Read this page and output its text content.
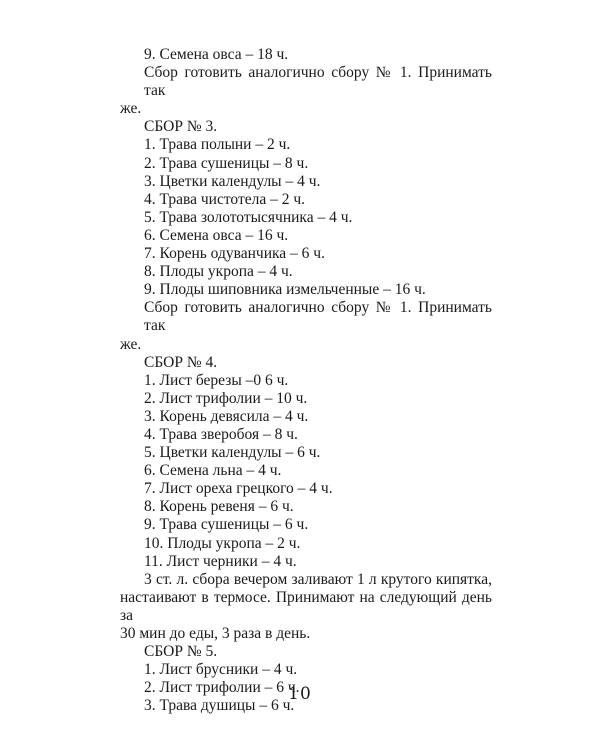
9. Семена овса – 18 ч.
Сбор готовить аналогично сбору № 1. Принимать так
же.
СБОР № 3.
1. Трава полыни – 2 ч.
2. Трава сушеницы – 8 ч.
3. Цветки календулы – 4 ч.
4. Трава чистотела – 2 ч.
5. Трава золототысячника – 4 ч.
6. Семена овса – 16 ч.
7. Корень одуванчика – 6 ч.
8. Плоды укропа – 4 ч.
9. Плоды шиповника измельченные – 16 ч.
Сбор готовить аналогично сбору № 1. Принимать так
же.
СБОР № 4.
1. Лист березы –0 6 ч.
2. Лист трифолии – 10 ч.
3. Корень девясила – 4 ч.
4. Трава зверобоя – 8 ч.
5. Цветки календулы – 6 ч.
6. Семена льна – 4 ч.
7. Лист ореха грецкого – 4 ч.
8. Корень ревеня – 6 ч.
9. Трава сушеницы – 6 ч.
10. Плоды укропа – 2 ч.
11. Лист черники – 4 ч.
3 ст. л. сбора вечером заливают 1 л крутого кипятка,
настаивают в термосе. Принимают на следующий день за
30 мин до еды, 3 раза в день.
СБОР № 5.
1. Лист брусники – 4 ч.
2. Лист трифолии – 6 ч.
3. Трава душицы – 6 ч.
10
